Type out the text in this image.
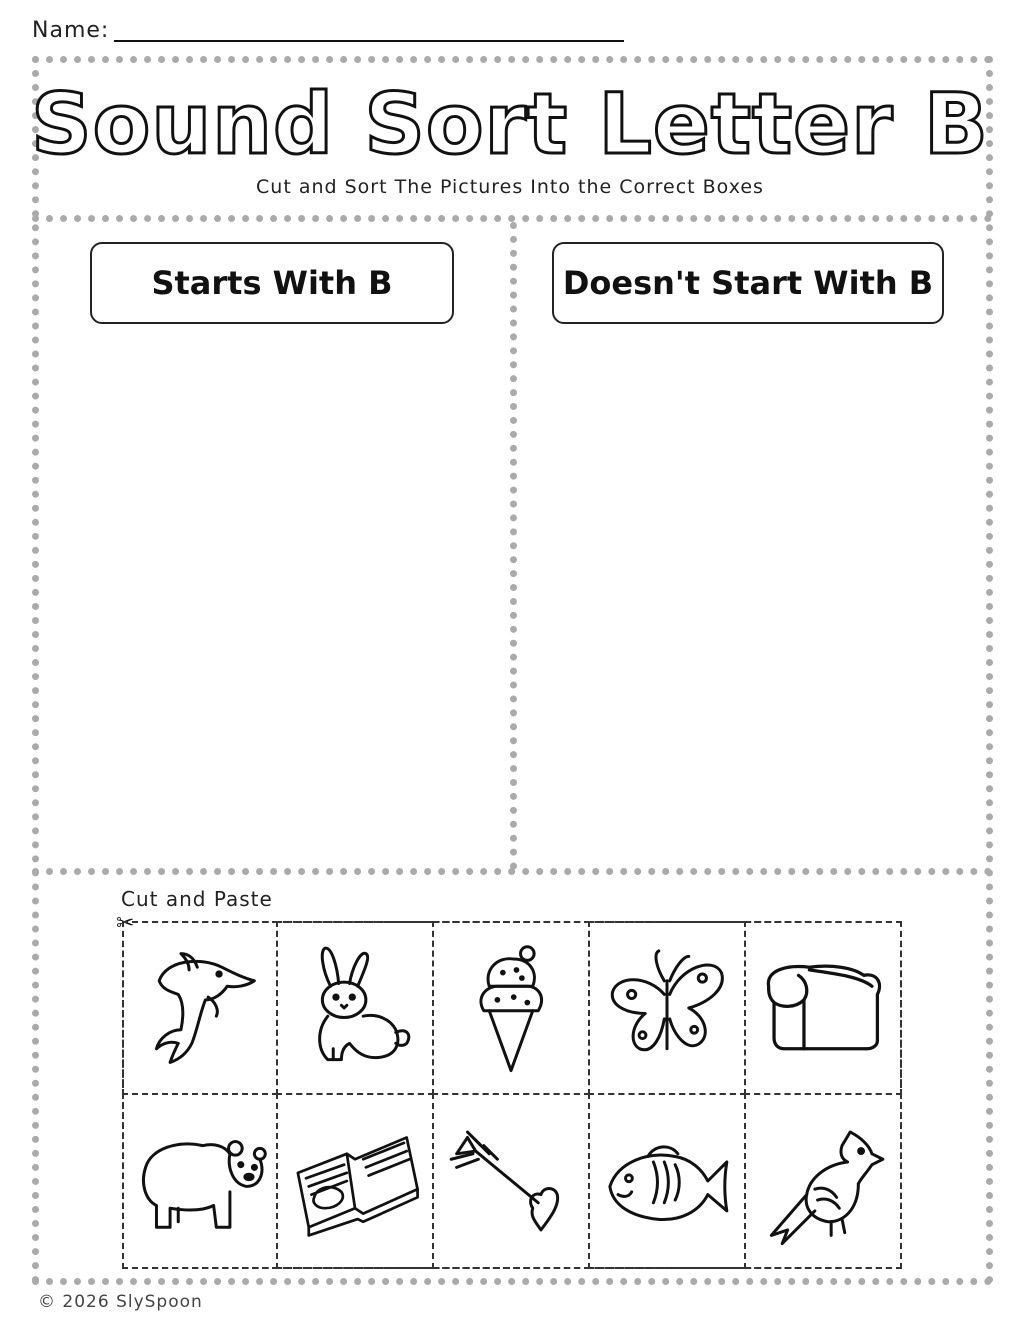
Name:
Sound Sort Letter B
Cut and Sort The Pictures Into the Correct Boxes
Starts With B	Doesn't Start With B
Cut and Paste
✂
© 2026 SlySpoon
